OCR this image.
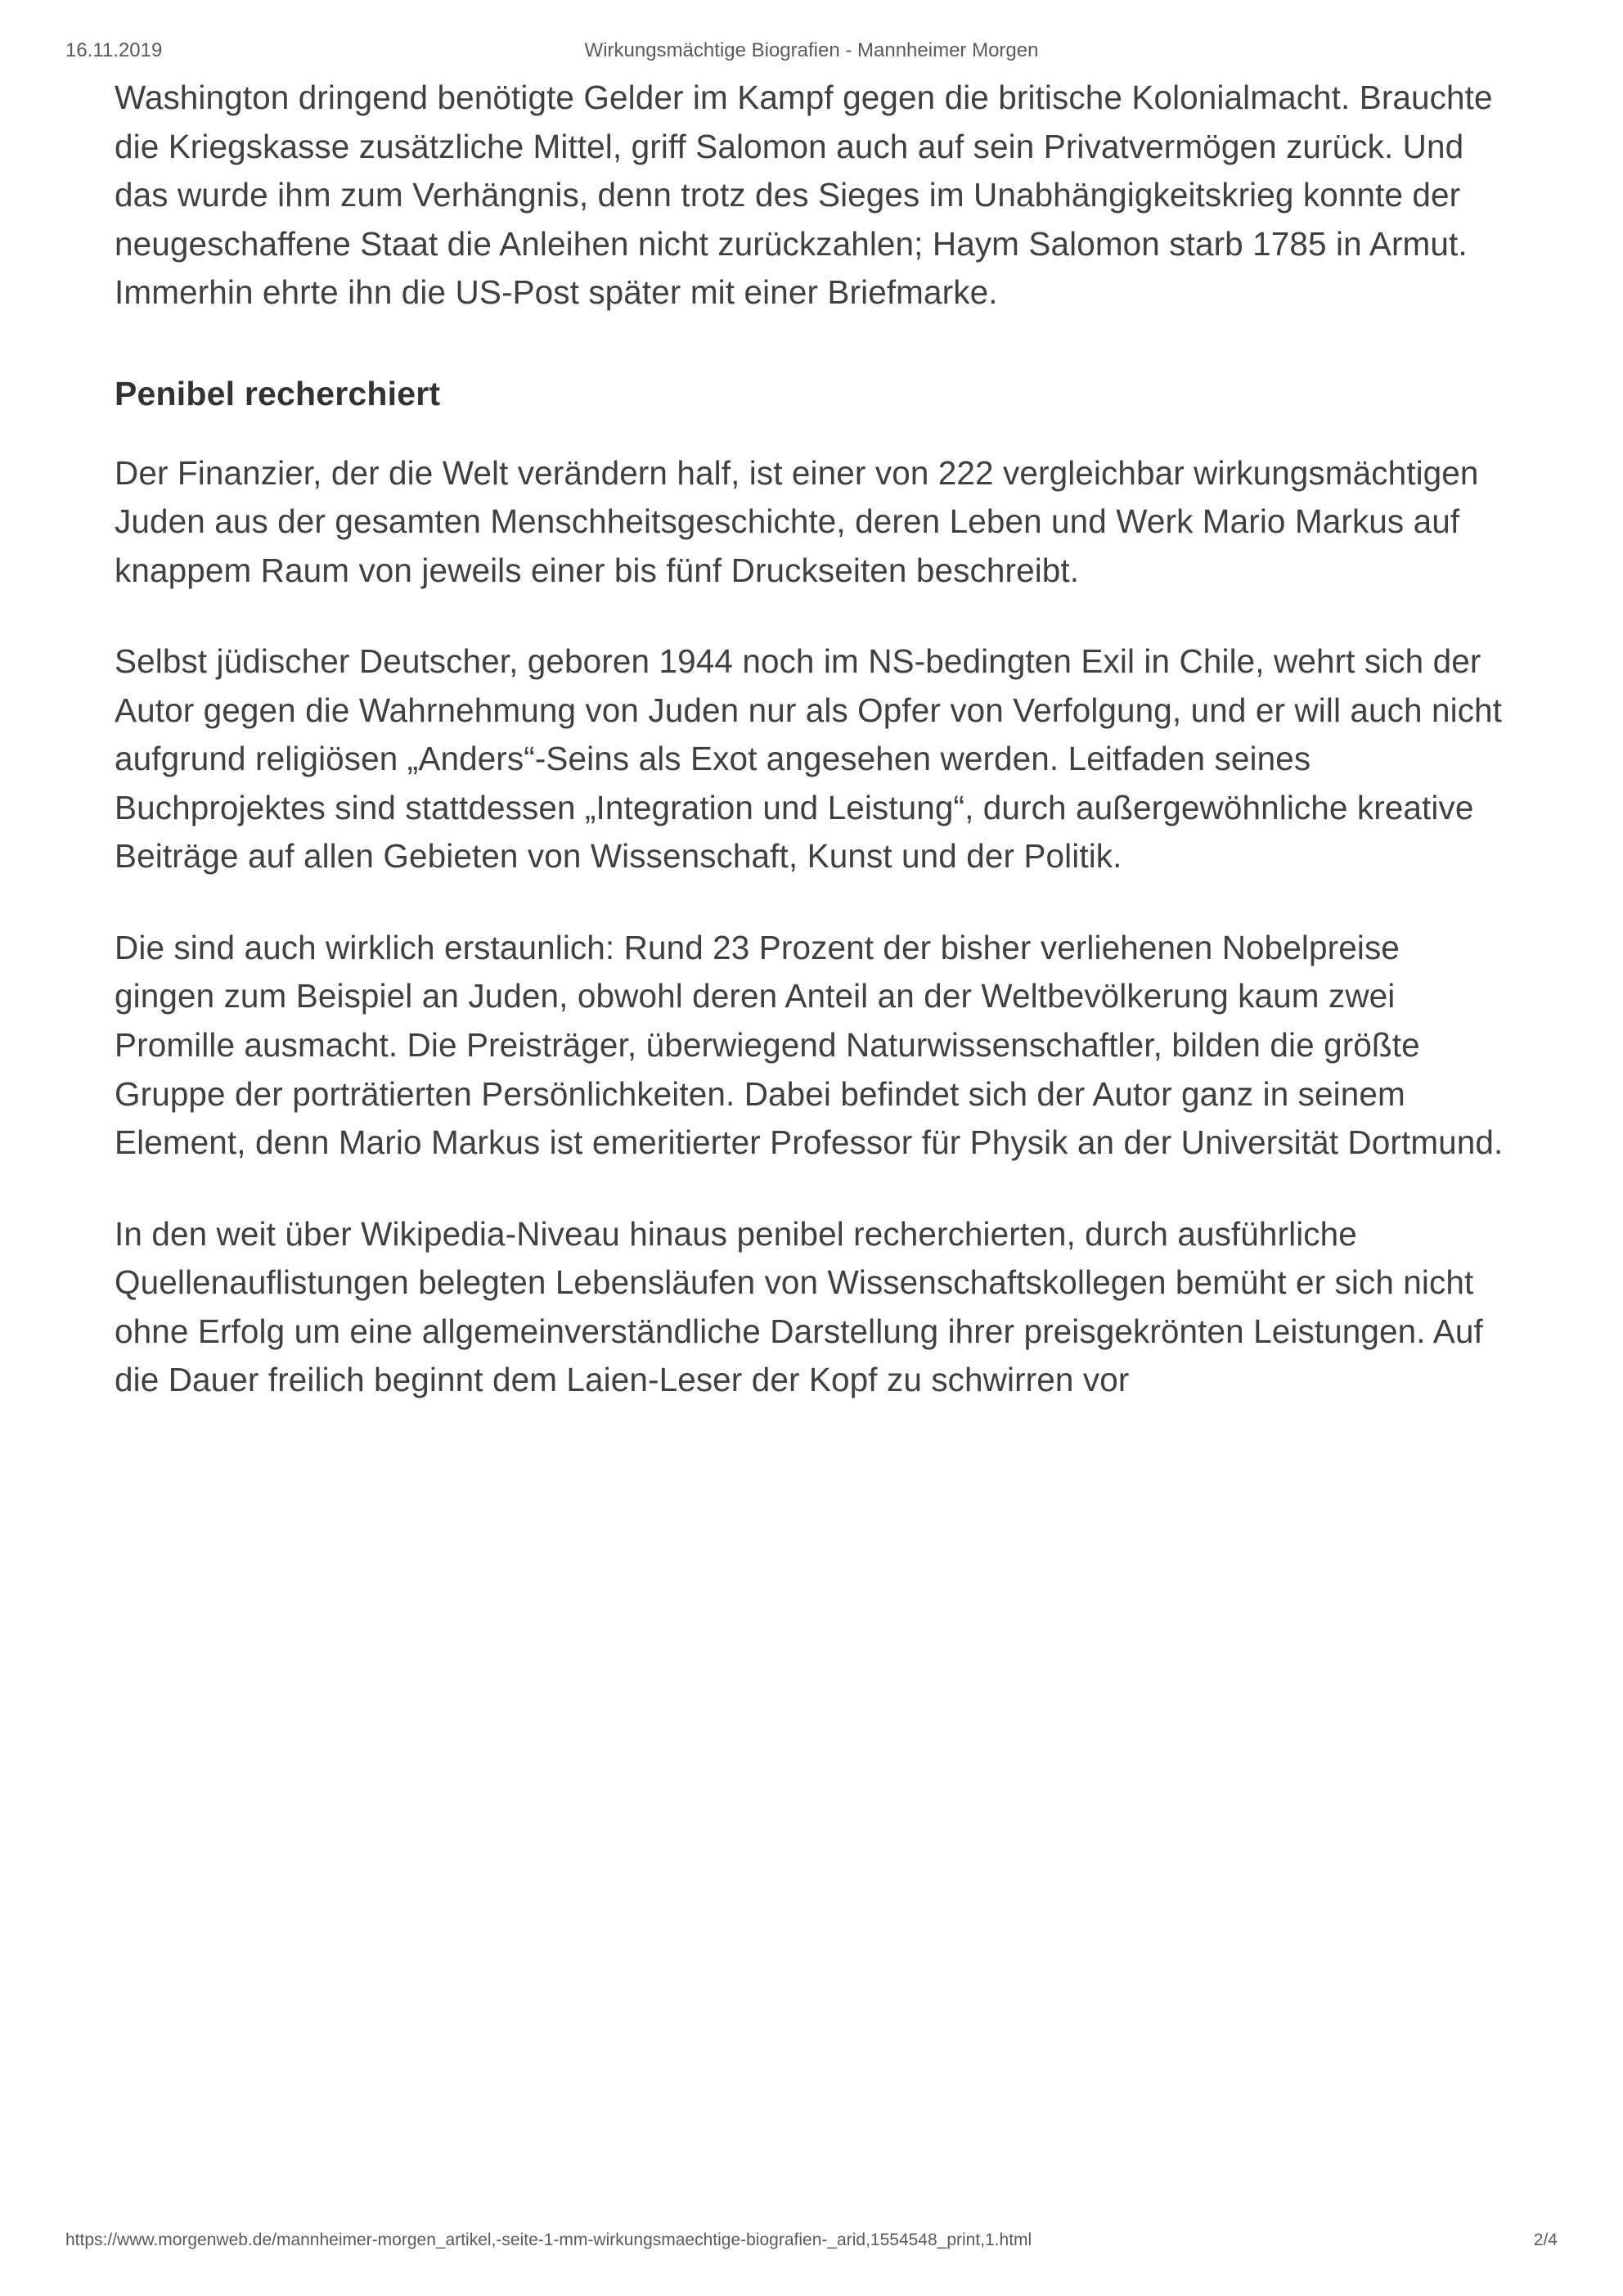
16.11.2019	Wirkungsmächtige Biografien - Mannheimer Morgen

Washington dringend benötigte Gelder im Kampf gegen die britische Kolonialmacht. Brauchte die Kriegskasse zusätzliche Mittel, griff Salomon auch auf sein Privatvermögen zurück. Und das wurde ihm zum Verhängnis, denn trotz des Sieges im Unabhängigkeitskrieg konnte der neugeschaffene Staat die Anleihen nicht zurückzahlen; Haym Salomon starb 1785 in Armut. Immerhin ehrte ihn die US-Post später mit einer Briefmarke.

Penibel recherchiert

Der Finanzier, der die Welt verändern half, ist einer von 222 vergleichbar wirkungsmächtigen Juden aus der gesamten Menschheitsgeschichte, deren Leben und Werk Mario Markus auf knappem Raum von jeweils einer bis fünf Druckseiten beschreibt.

Selbst jüdischer Deutscher, geboren 1944 noch im NS-bedingten Exil in Chile, wehrt sich der Autor gegen die Wahrnehmung von Juden nur als Opfer von Verfolgung, und er will auch nicht aufgrund religiösen „Anders“-Seins als Exot angesehen werden. Leitfaden seines Buchprojektes sind stattdessen „Integration und Leistung“, durch außergewöhnliche kreative Beiträge auf allen Gebieten von Wissenschaft, Kunst und der Politik.

Die sind auch wirklich erstaunlich: Rund 23 Prozent der bisher verliehenen Nobelpreise gingen zum Beispiel an Juden, obwohl deren Anteil an der Weltbevölkerung kaum zwei Promille ausmacht. Die Preisträger, überwiegend Naturwissenschaftler, bilden die größte Gruppe der porträtierten Persönlichkeiten. Dabei befindet sich der Autor ganz in seinem Element, denn Mario Markus ist emeritierter Professor für Physik an der Universität Dortmund.

In den weit über Wikipedia-Niveau hinaus penibel recherchierten, durch ausführliche Quellenauflistungen belegten Lebensläufen von Wissenschaftskollegen bemüht er sich nicht ohne Erfolg um eine allgemeinverständliche Darstellung ihrer preisgekrönten Leistungen. Auf die Dauer freilich beginnt dem Laien-Leser der Kopf zu schwirren vor

https://www.morgenweb.de/mannheimer-morgen_artikel,-seite-1-mm-wirkungsmaechtige-biografien-_arid,1554548_print,1.html	2/4
